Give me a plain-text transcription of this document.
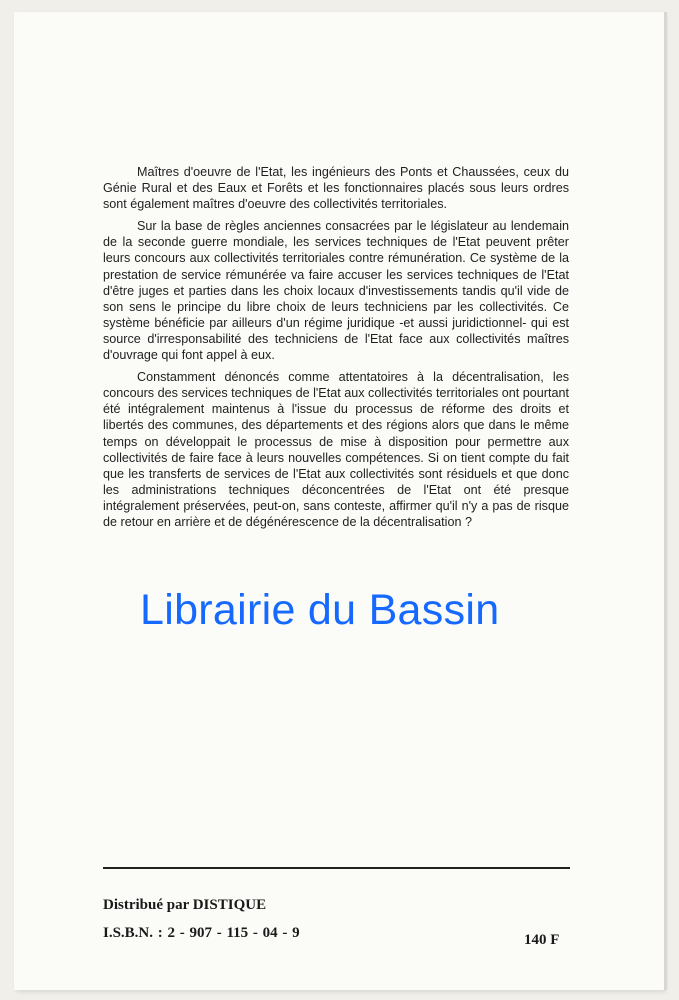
Maîtres d'oeuvre de l'Etat, les ingénieurs des Ponts et Chaussées, ceux du Génie Rural et des Eaux et Forêts et les fonctionnaires placés sous leurs ordres sont également maîtres d'oeuvre des collectivités territoriales.

Sur la base de règles anciennes consacrées par le législateur au lendemain de la seconde guerre mondiale, les services techniques de l'Etat peuvent prêter leurs concours aux collectivités territoriales contre rémunération. Ce système de la prestation de service rémunérée va faire accuser les services techniques de l'Etat d'être juges et parties dans les choix locaux d'investissements tandis qu'il vide de son sens le principe du libre choix de leurs techniciens par les collectivités. Ce système bénéficie par ailleurs d'un régime juridique -et aussi juridictionnel- qui est source d'irresponsabilité des techniciens de l'Etat face aux collectivités maîtres d'ouvrage qui font appel à eux.

Constamment dénoncés comme attentatoires à la décentralisation, les concours des services techniques de l'Etat aux collectivités territoriales ont pourtant été intégralement maintenus à l'issue du processus de réforme des droits et libertés des communes, des départements et des régions alors que dans le même temps on développait le processus de mise à disposition pour permettre aux collectivités de faire face à leurs nouvelles compétences. Si on tient compte du fait que les transferts de services de l'Etat aux collectivités sont résiduels et que donc les administrations techniques déconcentrées de l'Etat ont été presque intégralement préservées, peut-on, sans conteste, affirmer qu'il n'y a pas de risque de retour en arrière et de dégénérescence de la décentralisation ?

Librairie du Bassin
Distribué par DISTIQUE
I.S.B.N. : 2 - 907 - 115 - 04 - 9	140 F
